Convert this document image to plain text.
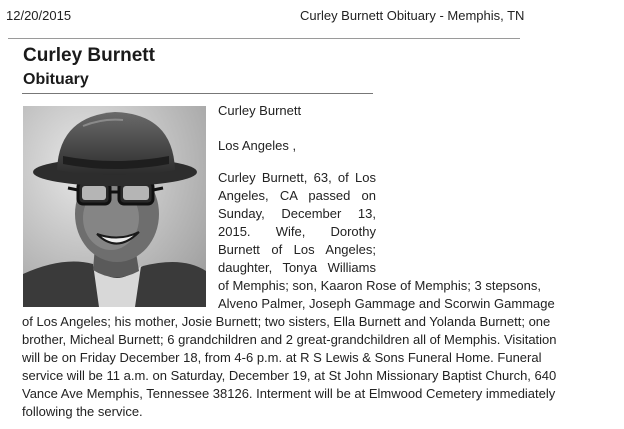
12/20/2015	Curley Burnett Obituary - Memphis, TN
Curley Burnett
Obituary

Curley Burnett

Los Angeles ,

Curley Burnett, 63, of Los

Angeles, CA passed on

Sunday, December 13,

2015. Wife, Dorothy

Burnett of Los Angeles;

daughter, Tonya Williams

of Memphis; son, Kaaron Rose of Memphis; 3 stepsons,

Alveno Palmer, Joseph Gammage and Scorwin Gammage

of Los Angeles; his mother, Josie Burnett; two sisters, Ella Burnett and Yolanda Burnett; one

brother, Micheal Burnett; 6 grandchildren and 2 great-grandchildren all of Memphis. Visitation

will be on Friday December 18, from 4-6 p.m. at R S Lewis & Sons Funeral Home. Funeral

service will be 11 a.m. on Saturday, December 19, at St John Missionary Baptist Church, 640

Vance Ave Memphis, Tennessee 38126. Interment will be at Elmwood Cemetery immediately

following the service.
